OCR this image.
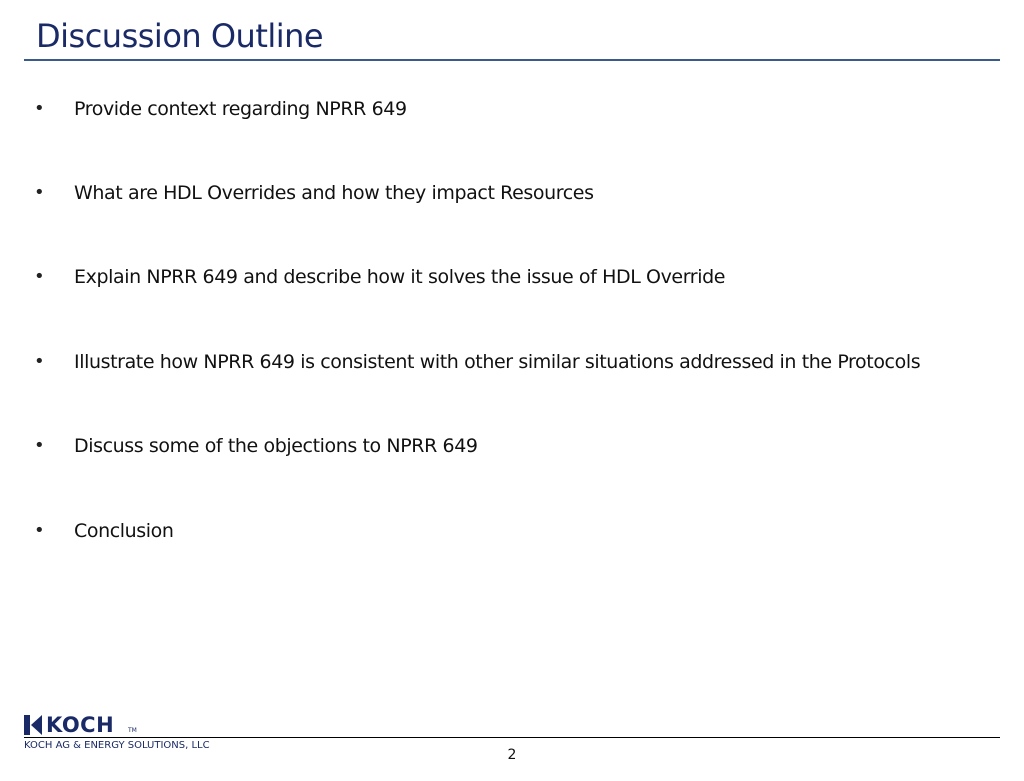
Discussion Outline
• Provide context regarding NPRR 649
• What are HDL Overrides and how they impact Resources
• Explain NPRR 649 and describe how it solves the issue of HDL Override
• Illustrate how NPRR 649 is consistent with other similar situations addressed in the Protocols
• Discuss some of the objections to NPRR 649
• Conclusion
KOCH TM
KOCH AG & ENERGY SOLUTIONS, LLC
2
